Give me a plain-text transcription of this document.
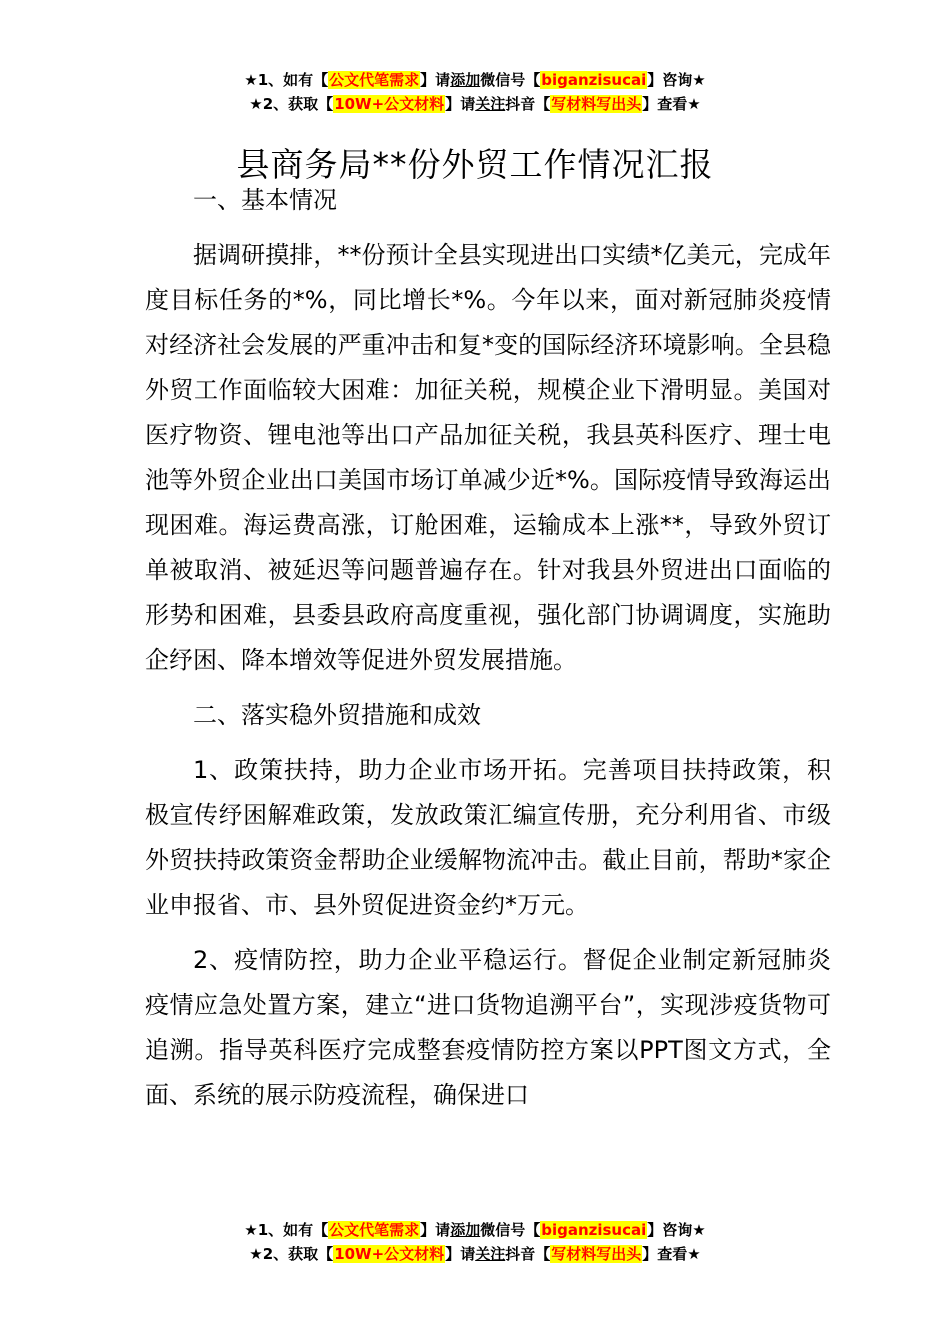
★1、如有【公文代笔需求】请添加微信号【biganzisucai】咨询★
★2、获取【10W+公文材料】请关注抖音【写材料写出头】查看★
县商务局**份外贸工作情况汇报

一、基本情况

据调研摸排，**份预计全县实现进出口实绩*亿美元，完成年度目标任务的*%，同比增长*%。今年以来，面对新冠肺炎疫情对经济社会发展的严重冲击和复*变的国际经济环境影响。全县稳外贸工作面临较大困难：加征关税，规模企业下滑明显。美国对医疗物资、锂电池等出口产品加征关税，我县英科医疗、理士电池等外贸企业出口美国市场订单减少近*%。国际疫情导致海运出现困难。海运费高涨，订舱困难，运输成本上涨**，导致外贸订单被取消、被延迟等问题普遍存在。针对我县外贸进出口面临的形势和困难，县委县政府高度重视，强化部门协调调度，实施助企纾困、降本增效等促进外贸发展措施。

二、落实稳外贸措施和成效

1、政策扶持，助力企业市场开拓。完善项目扶持政策，积极宣传纾困解难政策，发放政策汇编宣传册，充分利用省、市级外贸扶持政策资金帮助企业缓解物流冲击。截止目前，帮助*家企业申报省、市、县外贸促进资金约*万元。

2、疫情防控，助力企业平稳运行。督促企业制定新冠肺炎疫情应急处置方案，建立“进口货物追溯平台”，实现涉疫货物可追溯。指导英科医疗完成整套疫情防控方案以PPT图文方式，全面、系统的展示防疫流程，确保进口

★1、如有【公文代笔需求】请添加微信号【biganzisucai】咨询★
★2、获取【10W+公文材料】请关注抖音【写材料写出头】查看★
